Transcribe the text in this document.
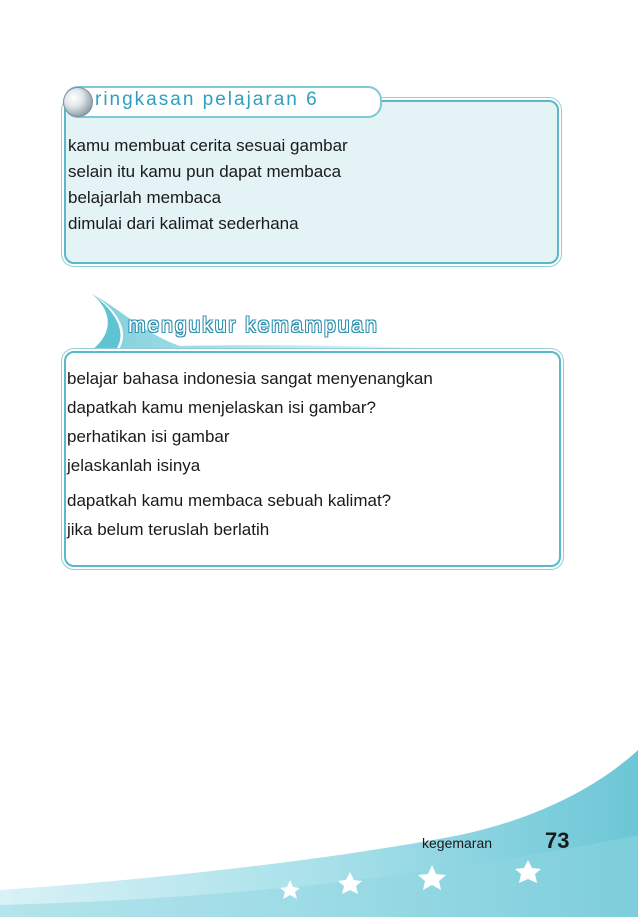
ringkasan pelajaran 6
kamu membuat cerita sesuai gambar
selain itu kamu pun dapat membaca
belajarlah membaca
dimulai dari kalimat sederhana
mengukur kemampuan
belajar bahasa indonesia sangat menyenangkan
dapatkah kamu menjelaskan isi gambar?
perhatikan isi gambar
jelaskanlah isinya
dapatkah kamu membaca sebuah kalimat?
jika belum teruslah berlatih
kegemaran 73
